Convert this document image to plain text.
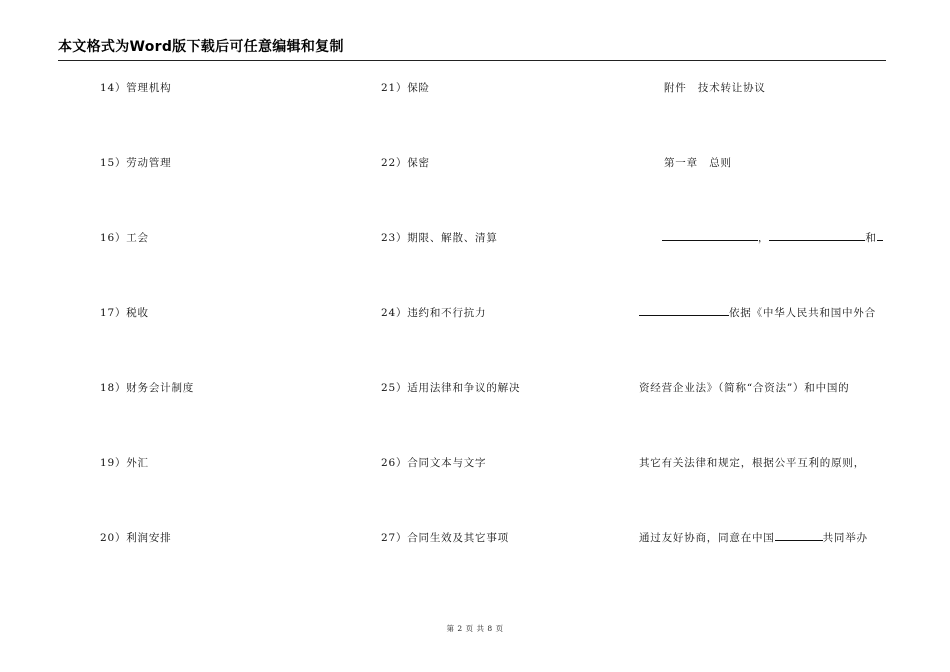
本文格式为Word版下载后可任意编辑和复制
14）管理机构
15）劳动管理
16）工会
17）税收
18）财务会计制度
19）外汇
20）利润安排
21）保险
22）保密
23）期限、解散、清算
24）违约和不行抗力
25）适用法律和争议的解决
26）合同文本与文字
27）合同生效及其它事项
附件　技术转让协议
第一章　总则
，	和
依据《中华人民共和国中外合
资经营企业法》（简称“合资法”）和中国的
其它有关法律和规定，根据公平互利的原则，
通过友好协商，同意在中国	共同举办
第 2 页 共 8 页
